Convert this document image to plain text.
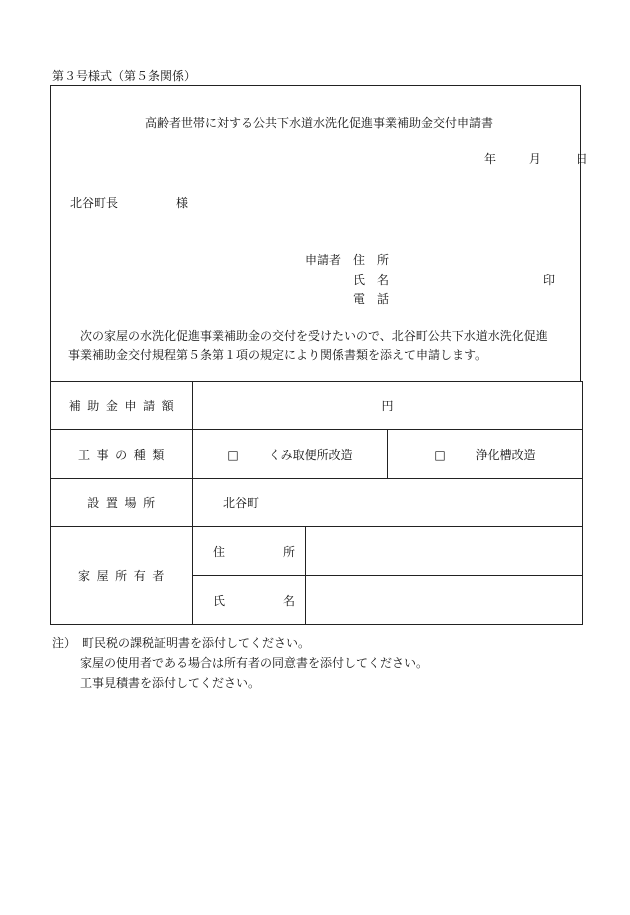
第３号様式（第５条関係）
高齢者世帯に対する公共下水道水洗化促進事業補助金交付申請書
年	月	日
北谷町長	様
申請者 住　所
氏　名
電　話
印
　次の家屋の水洗化促進事業補助金の交付を受けたいので、北谷町公共下水道水洗化促進事業補助金交付規程第５条第１項の規定により関係書類を添えて申請します。
補助金申請額	円		
工事の種類	□ くみ取便所改造		□ 浄化槽改造
設置場所	北谷町		
家屋所有者	住 所		
	氏 名		
注）　 町民税の課税証明書を添付してください。
家屋の使用者である場合は所有者の同意書を添付してください。
工事見積書を添付してください。
